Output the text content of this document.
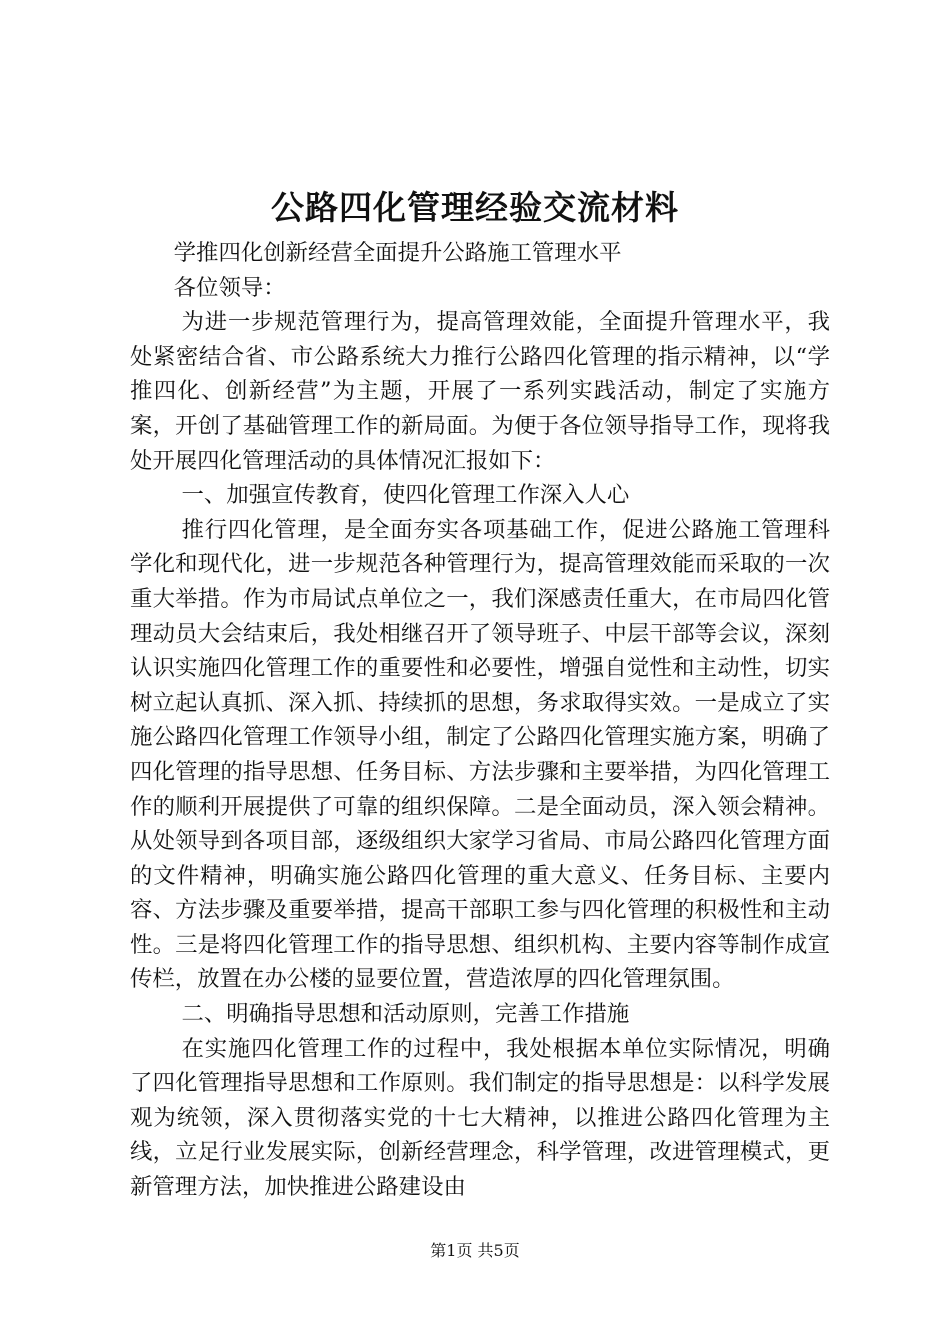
公路四化管理经验交流材料

学推四化创新经营全面提升公路施工管理水平

各位领导：

为进一步规范管理行为，提高管理效能，全面提升管理水平，我处紧密结合省、市公路系统大力推行公路四化管理的指示精神，以“学推四化、创新经营”为主题，开展了一系列实践活动，制定了实施方案，开创了基础管理工作的新局面。为便于各位领导指导工作，现将我处开展四化管理活动的具体情况汇报如下：

一、加强宣传教育，使四化管理工作深入人心

推行四化管理，是全面夯实各项基础工作，促进公路施工管理科学化和现代化，进一步规范各种管理行为，提高管理效能而采取的一次重大举措。作为市局试点单位之一，我们深感责任重大，在市局四化管理动员大会结束后，我处相继召开了领导班子、中层干部等会议，深刻认识实施四化管理工作的重要性和必要性，增强自觉性和主动性，切实树立起认真抓、深入抓、持续抓的思想，务求取得实效。一是成立了实施公路四化管理工作领导小组，制定了公路四化管理实施方案，明确了四化管理的指导思想、任务目标、方法步骤和主要举措，为四化管理工作的顺利开展提供了可靠的组织保障。二是全面动员，深入领会精神。从处领导到各项目部，逐级组织大家学习省局、市局公路四化管理方面的文件精神，明确实施公路四化管理的重大意义、任务目标、主要内容、方法步骤及重要举措，提高干部职工参与四化管理的积极性和主动性。三是将四化管理工作的指导思想、组织机构、主要内容等制作成宣传栏，放置在办公楼的显要位置，营造浓厚的四化管理氛围。

二、明确指导思想和活动原则，完善工作措施

在实施四化管理工作的过程中，我处根据本单位实际情况，明确了四化管理指导思想和工作原则。我们制定的指导思想是：以科学发展观为统领，深入贯彻落实党的十七大精神，以推进公路四化管理为主线，立足行业发展实际，创新经营理念，科学管理，改进管理模式，更新管理方法，加快推进公路建设由

第1页 共5页
